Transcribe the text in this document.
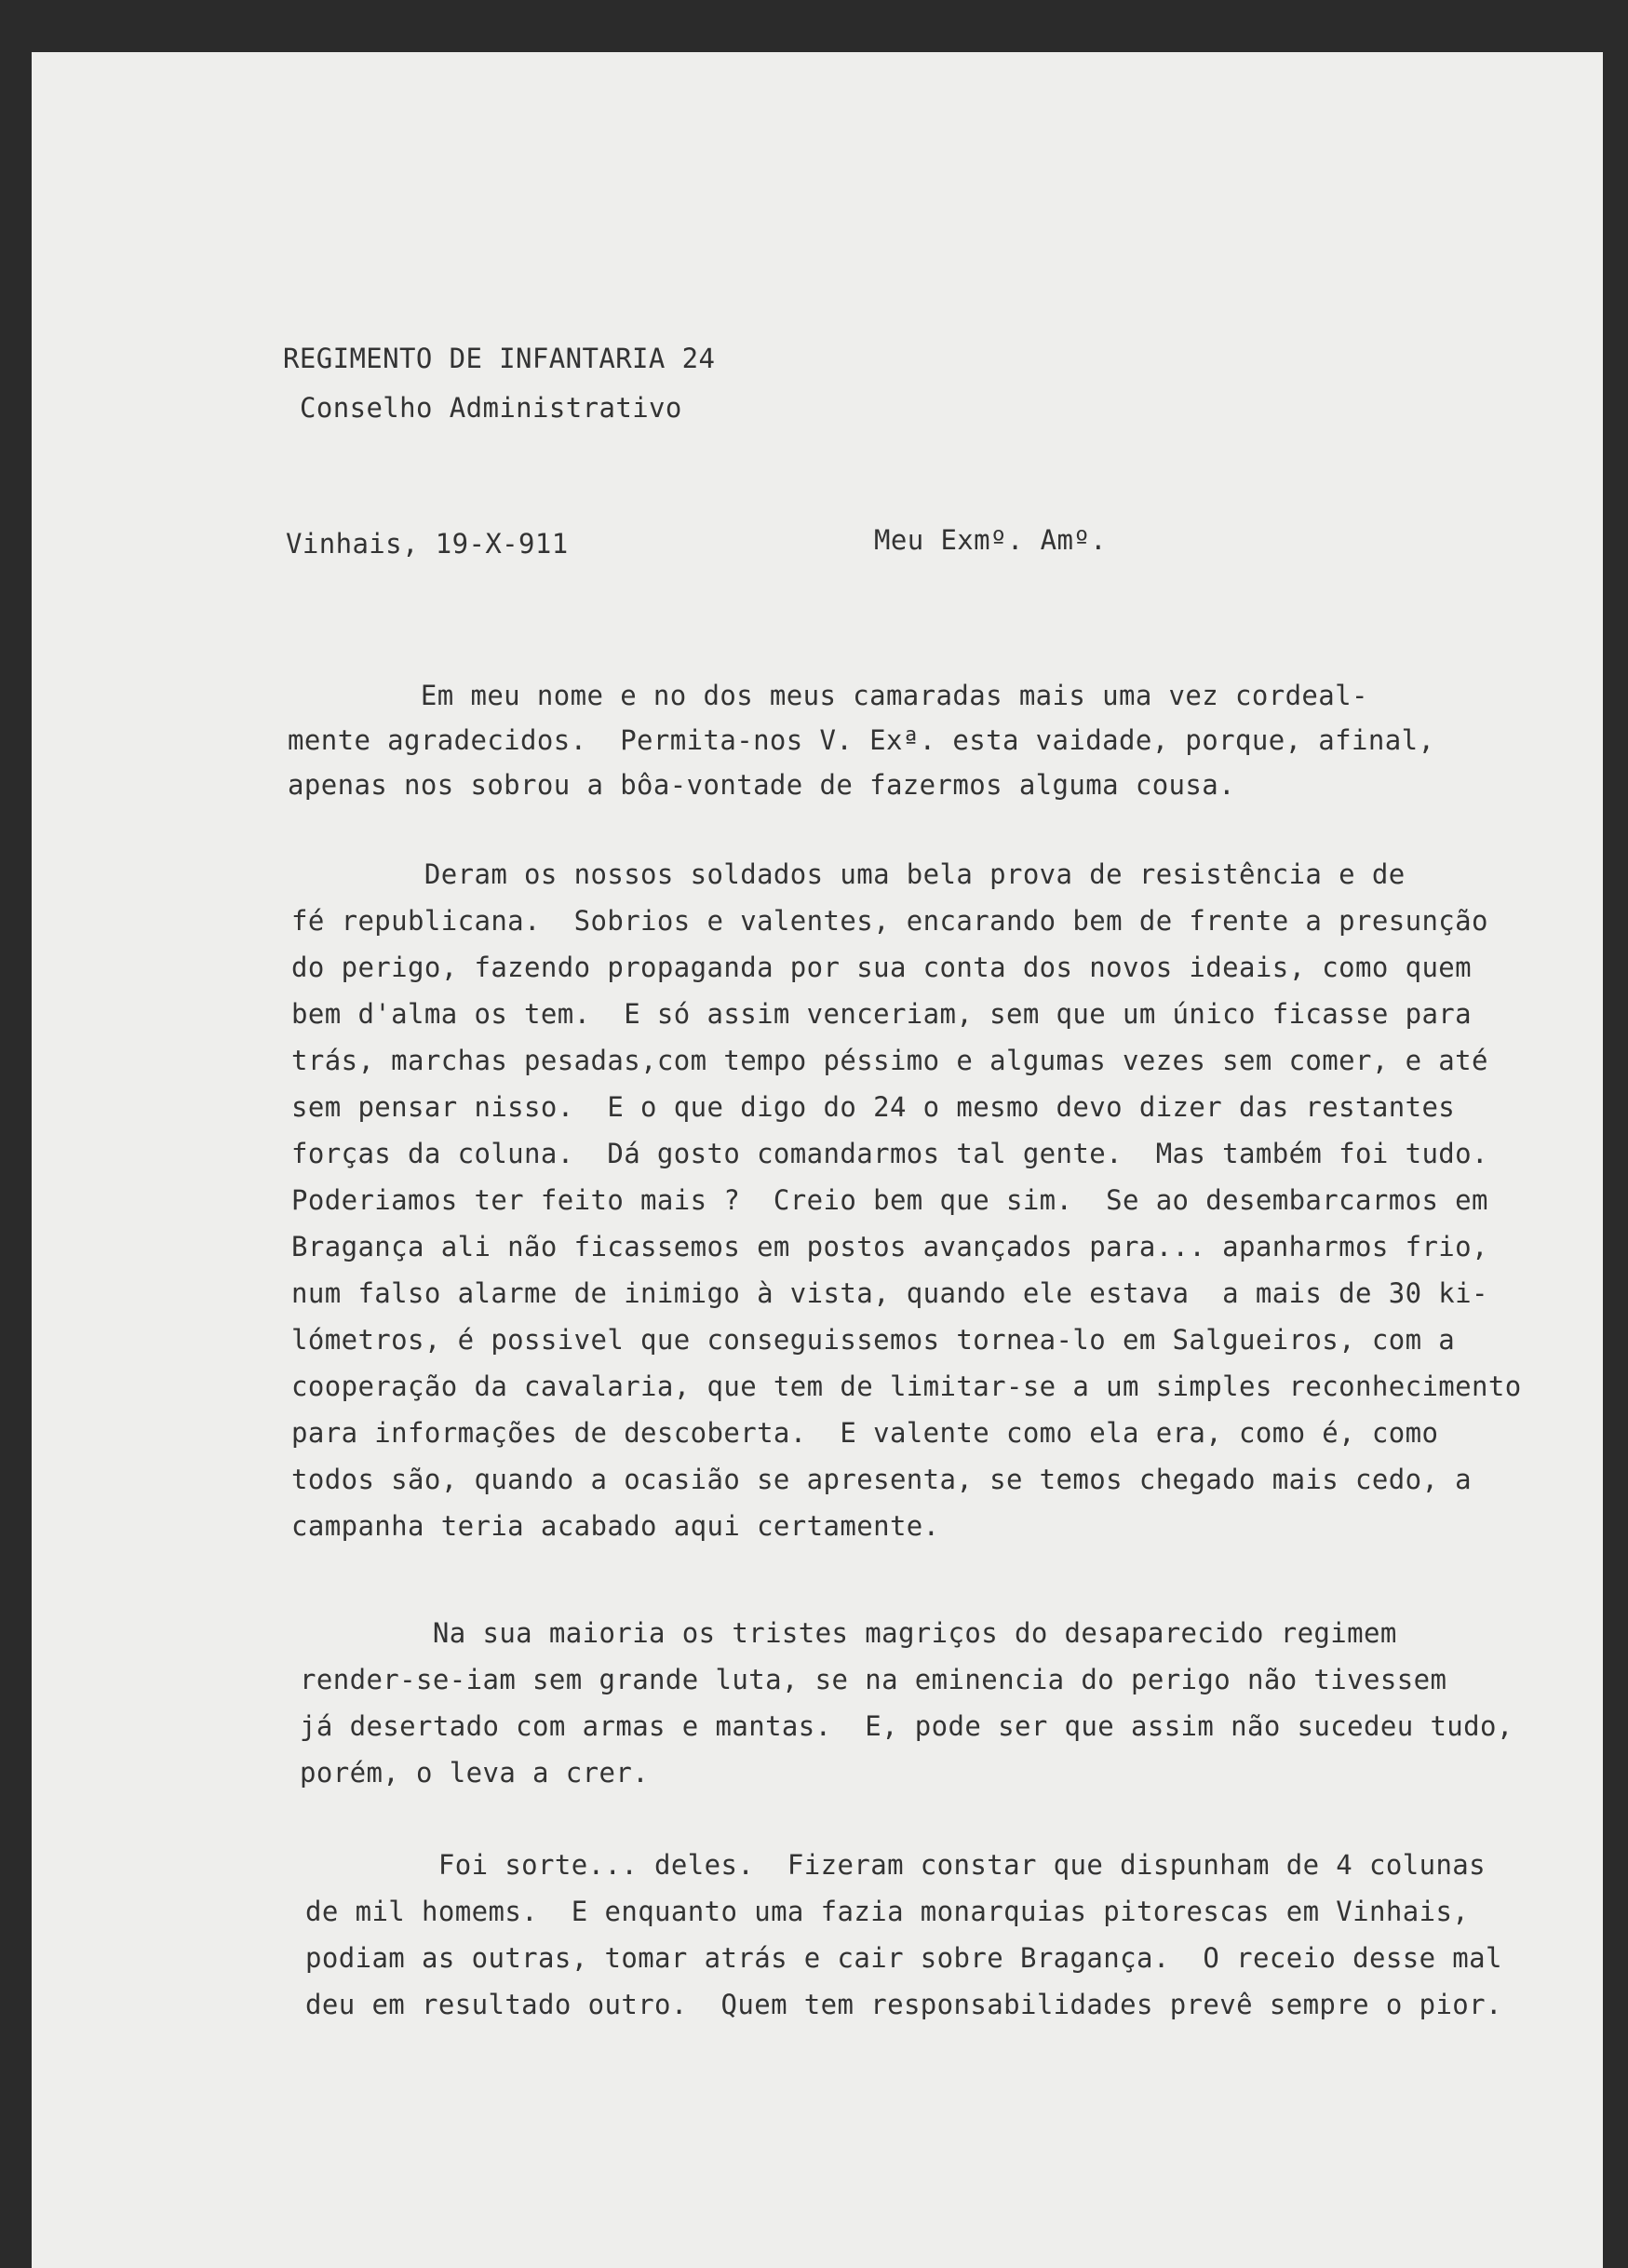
REGIMENTO DE INFANTARIA 24
Conselho Administrativo
Vinhais, 19-X-911	Meu Exmº. Amº.
Em meu nome e no dos meus camaradas mais uma vez cordeal-
mente agradecidos.  Permita-nos V. Exª. esta vaidade, porque, afinal,
apenas nos sobrou a bôa-vontade de fazermos alguma cousa.
Deram os nossos soldados uma bela prova de resistência e de
fé republicana.  Sobrios e valentes, encarando bem de frente a presunção
do perigo, fazendo propaganda por sua conta dos novos ideais, como quem
bem d'alma os tem.  E só assim venceriam, sem que um único ficasse para
trás, marchas pesadas,com tempo péssimo e algumas vezes sem comer, e até
sem pensar nisso.  E o que digo do 24 o mesmo devo dizer das restantes
forças da coluna.  Dá gosto comandarmos tal gente.  Mas também foi tudo.
Poderiamos ter feito mais ?  Creio bem que sim.  Se ao desembarcarmos em
Bragança ali não ficassemos em postos avançados para... apanharmos frio,
num falso alarme de inimigo à vista, quando ele estava  a mais de 30 ki-
lómetros, é possivel que conseguissemos tornea-lo em Salgueiros, com a
cooperação da cavalaria, que tem de limitar-se a um simples reconhecimento
para informações de descoberta.  E valente como ela era, como é, como
todos são, quando a ocasião se apresenta, se temos chegado mais cedo, a
campanha teria acabado aqui certamente.
Na sua maioria os tristes magriços do desaparecido regimem
render-se-iam sem grande luta, se na eminencia do perigo não tivessem
já desertado com armas e mantas.  E, pode ser que assim não sucedeu tudo,
porém, o leva a crer.
Foi sorte... deles.  Fizeram constar que dispunham de 4 colunas
de mil homems.  E enquanto uma fazia monarquias pitorescas em Vinhais,
podiam as outras, tomar atrás e cair sobre Bragança.  O receio desse mal
deu em resultado outro.  Quem tem responsabilidades prevê sempre o pior.
